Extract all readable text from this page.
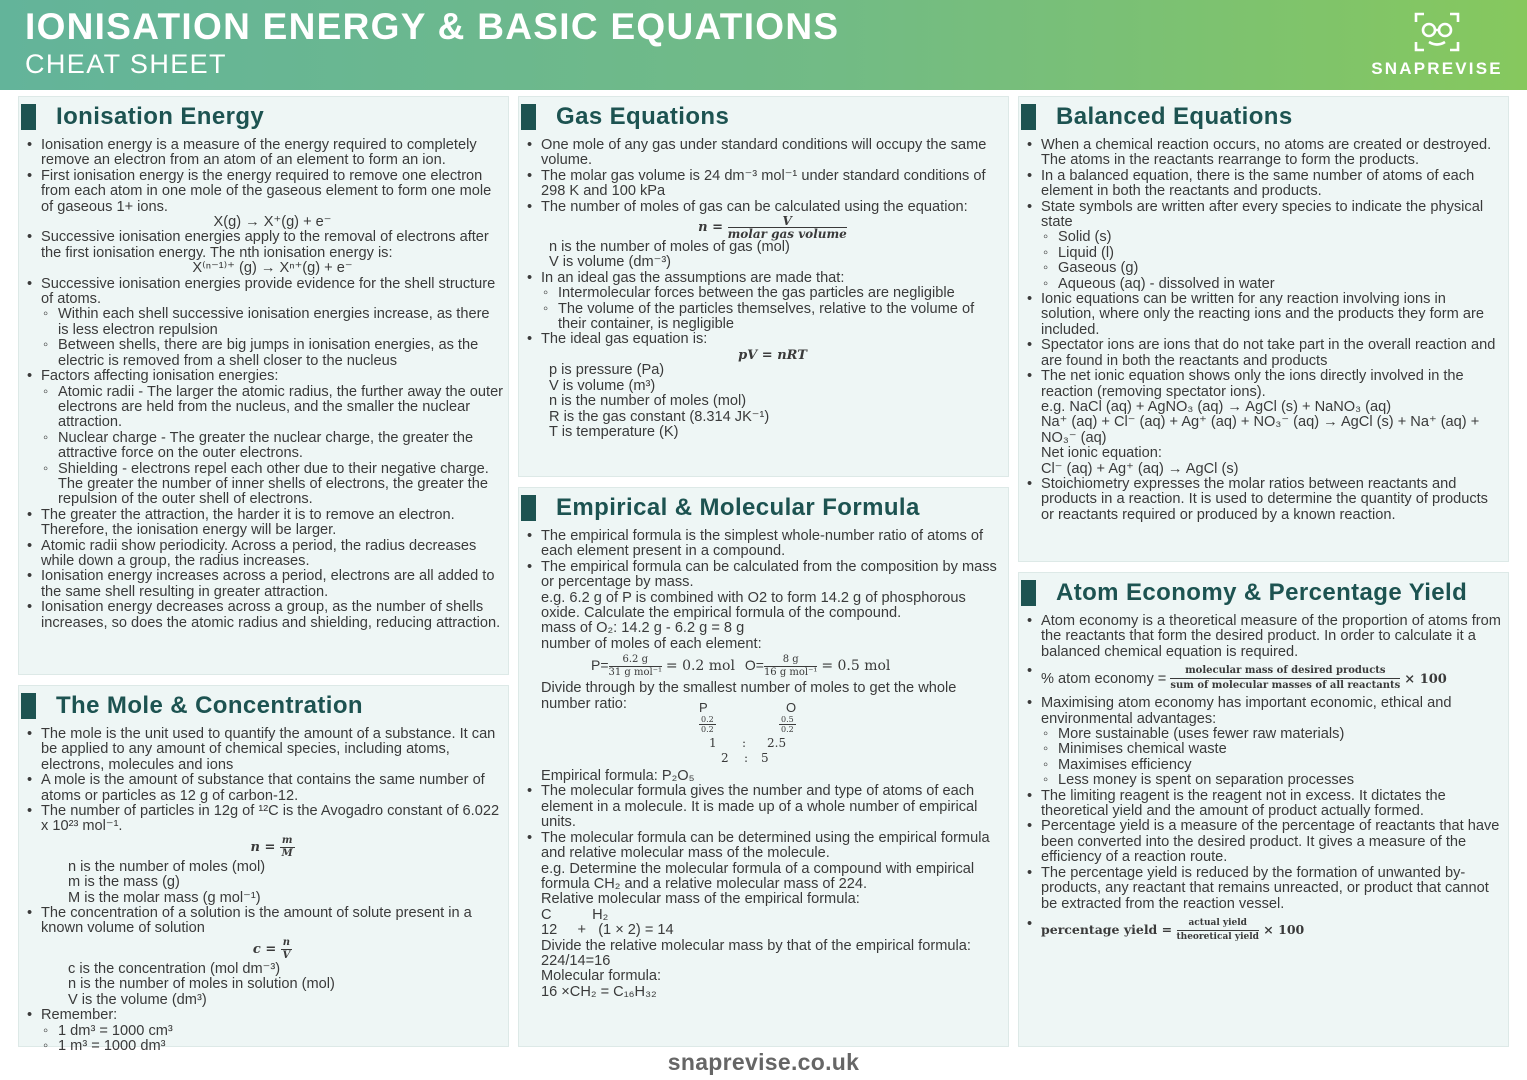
IONISATION ENERGY & BASIC EQUATIONS
CHEAT SHEET	SNAPREVISE
Ionisation Energy
• Ionisation energy is a measure of the energy required to completely remove an electron from an atom of an element to form an ion.
• First ionisation energy is the energy required to remove one electron from each atom in one mole of the gaseous element to form one mole of gaseous 1+ ions.
X(g) → X⁺(g) + e⁻
• Successive ionisation energies apply to the removal of electrons after the first ionisation energy. The nth ionisation energy is:
X⁽ⁿ⁻¹⁾⁺ (g) → Xⁿ⁺(g) + e⁻
• Successive ionisation energies provide evidence for the shell structure of atoms.
◦ Within each shell successive ionisation energies increase, as there is less electron repulsion
◦ Between shells, there are big jumps in ionisation energies, as the electric is removed from a shell closer to the nucleus
• Factors affecting ionisation energies:
◦ Atomic radii - The larger the atomic radius, the further away the outer electrons are held from the nucleus, and the smaller the nuclear attraction.
◦ Nuclear charge - The greater the nuclear charge, the greater the attractive force on the outer electrons.
◦ Shielding - electrons repel each other due to their negative charge. The greater the number of inner shells of electrons, the greater the repulsion of the outer shell of electrons.
• The greater the attraction, the harder it is to remove an electron. Therefore, the ionisation energy will be larger.
• Atomic radii show periodicity. Across a period, the radius decreases while down a group, the radius increases.
• Ionisation energy increases across a period, electrons are all added to the same shell resulting in greater attraction.
• Ionisation energy decreases across a group, as the number of shells increases, so does the atomic radius and shielding, reducing attraction.
The Mole & Concentration
• The mole is the unit used to quantify the amount of a substance. It can be applied to any amount of chemical species, including atoms, electrons, molecules and ions
• A mole is the amount of substance that contains the same number of atoms or particles as 12 g of carbon-12.
• The number of particles in 12g of ¹²C is the Avogadro constant of 6.022 x 10²³ mol⁻¹.
$n = \frac{m}{M}$
n is the number of moles (mol)
m is the mass (g)
M is the molar mass (g mol⁻¹)
• The concentration of a solution is the amount of solute present in a known volume of solution
$c = \frac{n}{V}$
c is the concentration (mol dm⁻³)
n is the number of moles in solution (mol)
V is the volume (dm³)
• Remember:
◦ 1 dm³ = 1000 cm³
◦ 1 m³ = 1000 dm³
Gas Equations
• One mole of any gas under standard conditions will occupy the same volume.
• The molar gas volume is 24 dm⁻³ mol⁻¹ under standard conditions of 298 K and 100 kPa
• The number of moles of gas can be calculated using the equation:
$n = \frac{V}{\text{molar gas volume}}$
n is the number of moles of gas (mol)
V is volume (dm⁻³)
• In an ideal gas the assumptions are made that:
◦ Intermolecular forces between the gas particles are negligible
◦ The volume of the particles themselves, relative to the volume of their container, is negligible
• The ideal gas equation is:
pV = nRT
p is pressure (Pa)
V is volume (m³)
n is the number of moles (mol)
R is the gas constant (8.314 JK⁻¹)
T is temperature (K)
Empirical & Molecular Formula
• The empirical formula is the simplest whole-number ratio of atoms of each element present in a compound.
• The empirical formula can be calculated from the composition by mass or percentage by mass.
e.g. 6.2 g of P is combined with O2 to form 14.2 g of phosphorous oxide. Calculate the empirical formula of the compound.
mass of O₂: 14.2 g - 6.2 g = 8 g
number of moles of each element:
$P= \frac{6.2 g}{\text{31 g mol⁻¹}} = 0.2$ mol $O= \frac{8 g}{\text{16 g mol⁻¹}} = 0.5$ mol
Divide through by the smallest number of moles to get the whole number ratio:	P	O
$\frac{0.2}{0.2}$	$\frac{0.5}{0.2}$
1 : 2.5
2 : 5
Empirical formula: P₂O₅
• The molecular formula gives the number and type of atoms of each element in a molecule. It is made up of a whole number of empirical units.
• The molecular formula can be determined using the empirical formula and relative molecular mass of the molecule.
e.g. Determine the molecular formula of a compound with empirical formula CH₂ and a relative molecular mass of 224.
Relative molecular mass of the empirical formula:
C          H₂
12     +   (1 × 2) = 14
Divide the relative molecular mass by that of the empirical formula:
224/14=16
Molecular formula:
16 ×CH₂ = C₁₆H₃₂
Balanced Equations
• When a chemical reaction occurs, no atoms are created or destroyed. The atoms in the reactants rearrange to form the products.
• In a balanced equation, there is the same number of atoms of each element in both the reactants and products.
• State symbols are written after every species to indicate the physical state
◦ Solid (s)
◦ Liquid (l)
◦ Gaseous (g)
◦ Aqueous (aq) - dissolved in water
• Ionic equations can be written for any reaction involving ions in solution, where only the reacting ions and the products they form are included.
• Spectator ions are ions that do not take part in the overall reaction and are found in both the reactants and products
• The net ionic equation shows only the ions directly involved in the reaction (removing spectator ions).
e.g. NaCl (aq) + AgNO₃ (aq) → AgCl (s) + NaNO₃ (aq)
Na⁺ (aq) + Cl⁻ (aq) + Ag⁺ (aq) + NO₃⁻ (aq) → AgCl (s) + Na⁺ (aq) + NO₃⁻ (aq)
Net ionic equation:
Cl⁻ (aq) + Ag⁺ (aq) → AgCl (s)
• Stoichiometry expresses the molar ratios between reactants and products in a reaction. It is used to determine the quantity of products or reactants required or produced by a known reaction.
Atom Economy & Percentage Yield
• Atom economy is a theoretical measure of the proportion of atoms from the reactants that form the desired product. In order to calculate it a balanced chemical equation is required.
• % atom economy = $\frac{\text{molecular mass of desired products}}{\text{sum of molecular masses of all reactants}} \times 100$
• Maximising atom economy has important economic, ethical and environmental advantages:
◦ More sustainable (uses fewer raw materials)
◦ Minimises chemical waste
◦ Maximises efficiency
◦ Less money is spent on separation processes
• The limiting reagent is the reagent not in excess. It dictates the theoretical yield and the amount of product actually formed.
• Percentage yield is a measure of the percentage of reactants that have been converted into the desired product. It gives a measure of the efficiency of a reaction route.
• The percentage yield is reduced by the formation of unwanted by-products, any reactant that remains unreacted, or product that cannot be extracted from the reaction vessel.
• percentage yield = $\frac{\text{actual yield}}{\text{theoretical yield}} \times 100$
snaprevise.co.uk
